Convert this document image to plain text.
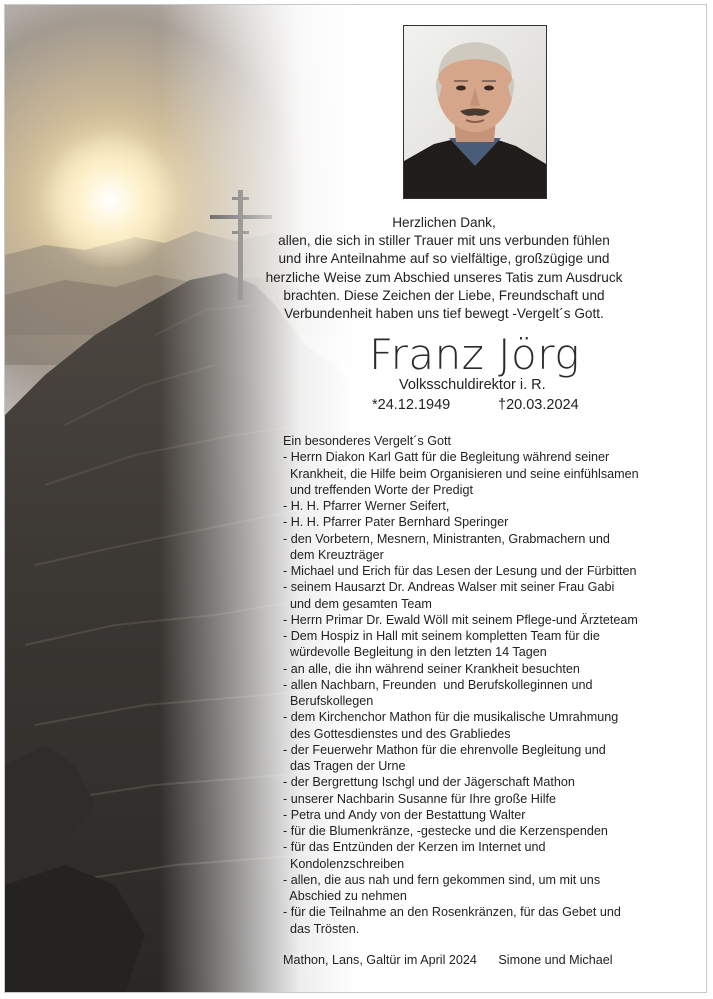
Herzlichen Dank,
allen, die sich in stiller Trauer mit uns verbunden fühlen
und ihre Anteilnahme auf so vielfältige, großzügige und
herzliche Weise zum Abschied unseres Tatis zum Ausdruck
brachten. Diese Zeichen der Liebe, Freundschaft und
Verbundenheit haben uns tief bewegt -Vergelt´s Gott.
Franz Jörg
Volksschuldirektor i. R.
*24.12.1949	†20.03.2024
Ein besonderes Vergelt´s Gott
- Herrn Diakon Karl Gatt für die Begleitung während seiner
Krankheit, die Hilfe beim Organisieren und seine einfühlsamen
und treffenden Worte der Predigt
- H. H. Pfarrer Werner Seifert,
- H. H. Pfarrer Pater Bernhard Speringer
- den Vorbetern, Mesnern, Ministranten, Grabmachern und
dem Kreuzträger
- Michael und Erich für das Lesen der Lesung und der Fürbitten
- seinem Hausarzt Dr. Andreas Walser mit seiner Frau Gabi
und dem gesamten Team
- Herrn Primar Dr. Ewald Wöll mit seinem Pflege-und Ärzteteam
- Dem Hospiz in Hall mit seinem kompletten Team für die
würdevolle Begleitung in den letzten 14 Tagen
- an alle, die ihn während seiner Krankheit besuchten
- allen Nachbarn, Freunden  und Berufskolleginnen und
Berufskollegen
- dem Kirchenchor Mathon für die musikalische Umrahmung
des Gottesdienstes und des Grabliedes
- der Feuerwehr Mathon für die ehrenvolle Begleitung und
das Tragen der Urne
- der Bergrettung Ischgl und der Jägerschaft Mathon
- unserer Nachbarin Susanne für Ihre große Hilfe
- Petra und Andy von der Bestattung Walter
- für die Blumenkränze, -gestecke und die Kerzenspenden
- für das Entzünden der Kerzen im Internet und
Kondolenzschreiben
- allen, die aus nah und fern gekommen sind, um mit uns
Abschied zu nehmen
- für die Teilnahme an den Rosenkränzen, für das Gebet und
das Trösten.
Mathon, Lans, Galtür im April 2024 Simone und Michael
